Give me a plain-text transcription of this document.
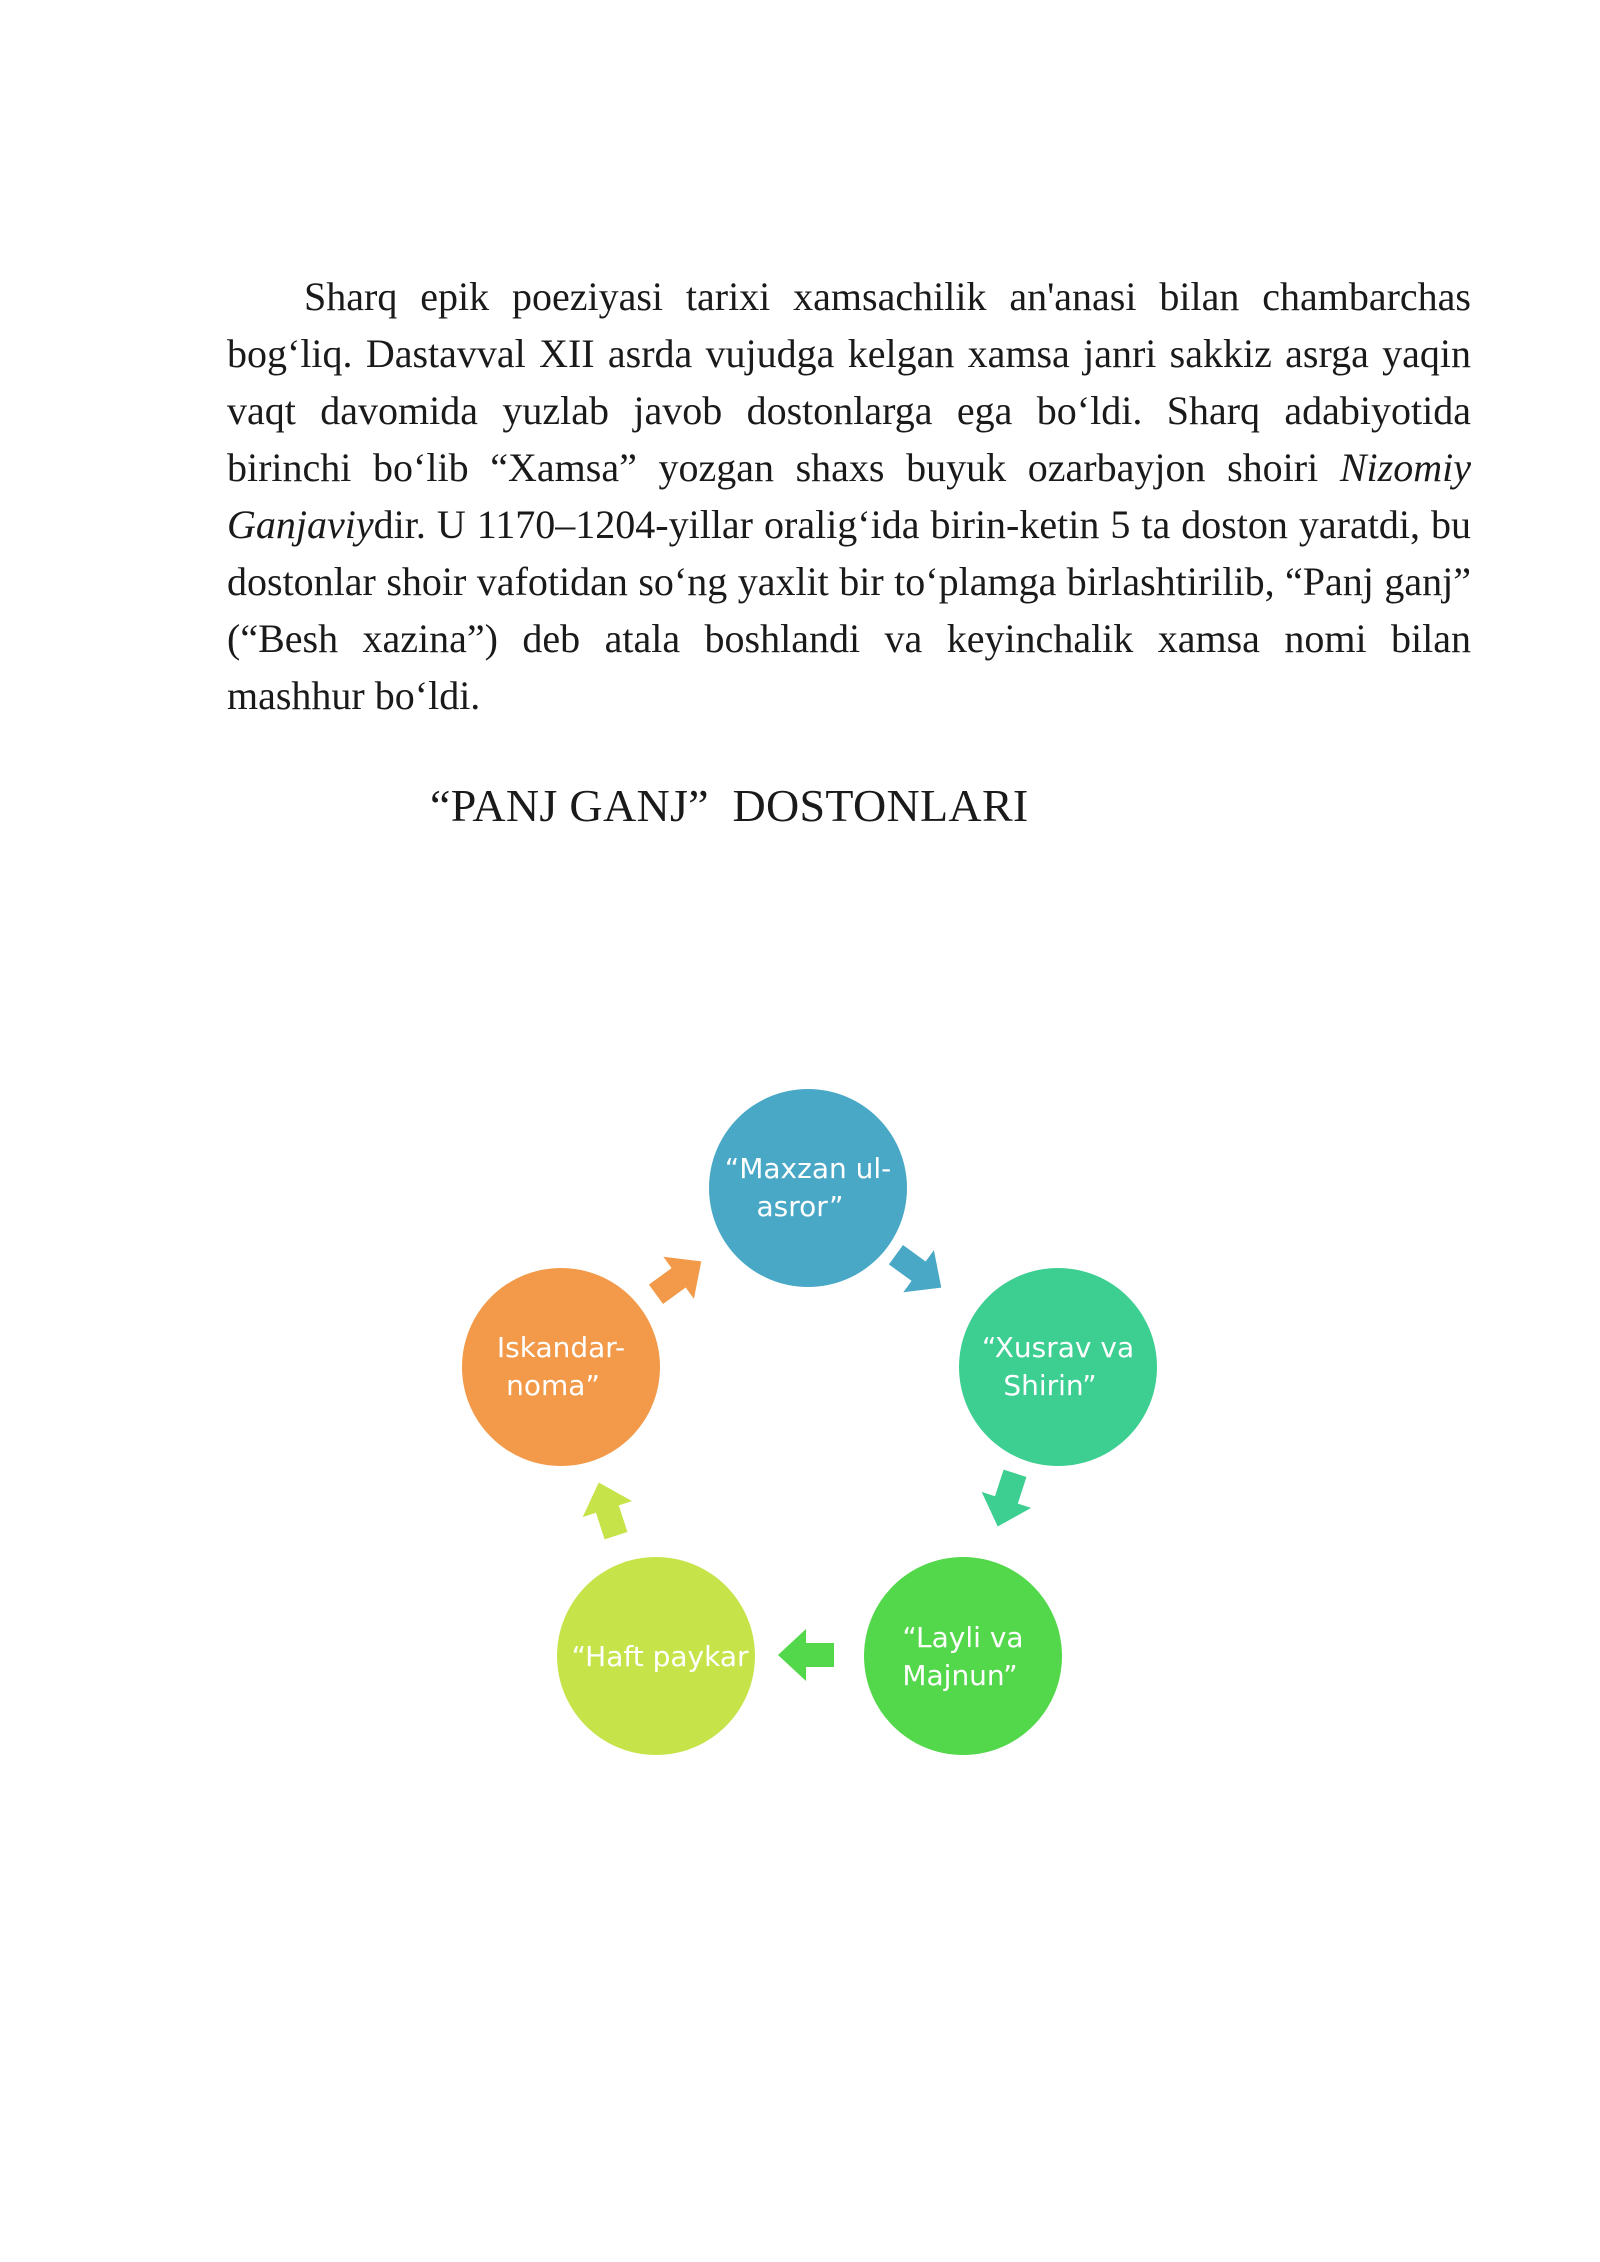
Sharq epik poeziyasi tarixi xamsachilik an'anasi bilan chambarchas bog‘liq. Dastavval XII asrda vujudga kelgan xamsa janri sakkiz asrga yaqin vaqt davomida yuzlab javob dostonlarga ega bo‘ldi. Sharq adabiyotida birinchi bo‘lib “Xamsa” yozgan shaxs buyuk ozarbayjon shoiri Nizomiy Ganjaviydir. U 1170–1204-yillar oralig‘ida birin-ketin 5 ta doston yaratdi, bu dostonlar shoir vafotidan so‘ng yaxlit bir to‘plamga birlashtirilib, “Panj ganj” (“Besh xazina”) deb atala boshlandi va keyinchalik xamsa nomi bilan mashhur bo‘ldi.

“PANJ GANJ”  DOSTONLARI
“Maxzan ul-
asror”
“Xusrav va
Shirin”
“Layli va
Majnun”
“Haft paykar
Iskandar-
noma”
